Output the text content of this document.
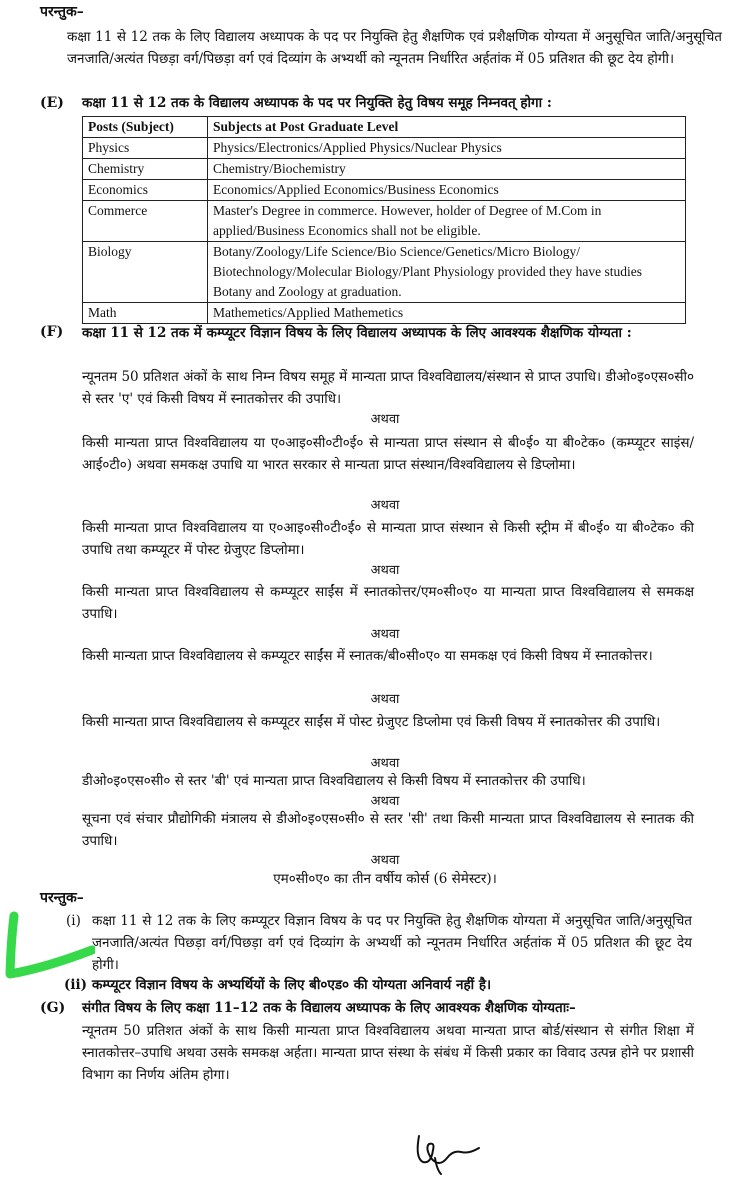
परन्तुक–
कक्षा 11 से 12 तक के लिए विद्यालय अध्यापक के पद पर नियुक्ति हेतु शैक्षणिक एवं प्रशैक्षणिक योग्यता में अनुसूचित जाति/अनुसूचित जनजाति/अत्यंत पिछड़ा वर्ग/पिछड़ा वर्ग एवं दिव्यांग के अभ्यर्थी को न्यूनतम निर्धारित अर्हतांक में 05 प्रतिशत की छूट देय होगी।
(E) कक्षा 11 से 12 तक के विद्यालय अध्यापक के पद पर नियुक्ति हेतु विषय समूह निम्नवत् होगा :
Posts (Subject)	Subjects at Post Graduate Level
Physics	Physics/Electronics/Applied Physics/Nuclear Physics
Chemistry	Chemistry/Biochemistry
Economics	Economics/Applied Economics/Business Economics
Commerce	Master's Degree in commerce. However, holder of Degree of M.Com in applied/Business Economics shall not be eligible.
Biology	Botany/Zoology/Life Science/Bio Science/Genetics/Micro Biology/ Biotechnology/Molecular Biology/Plant Physiology provided they have studies Botany and Zoology at graduation.
Math	Mathemetics/Applied Mathemetics
(F) कक्षा 11 से 12 तक में कम्प्यूटर विज्ञान विषय के लिए विद्यालय अध्यापक के लिए आवश्यक शैक्षणिक योग्यता :
न्यूनतम 50 प्रतिशत अंकों के साथ निम्न विषय समूह में मान्यता प्राप्त विश्वविद्यालय/संस्थान से प्राप्त उपाधि। डीओ०इ०एस०सी० से स्तर 'ए' एवं किसी विषय में स्नातकोत्तर की उपाधि।
अथवा
किसी मान्यता प्राप्त विश्वविद्यालय या ए०आइ०सी०टी०ई० से मान्यता प्राप्त संस्थान से बी०ई० या बी०टेक० (कम्प्यूटर साइंस/आई०टी०) अथवा समकक्ष उपाधि या भारत सरकार से मान्यता प्राप्त संस्थान/विश्वविद्यालय से डिप्लोमा।
अथवा
किसी मान्यता प्राप्त विश्वविद्यालय या ए०आइ०सी०टी०ई० से मान्यता प्राप्त संस्थान से किसी स्ट्रीम में बी०ई० या बी०टेक० की उपाधि तथा कम्प्यूटर में पोस्ट ग्रेजुएट डिप्लोमा।
अथवा
किसी मान्यता प्राप्त विश्वविद्यालय से कम्प्यूटर साईंस में स्नातकोत्तर/एम०सी०ए० या मान्यता प्राप्त विश्वविद्यालय से समकक्ष उपाधि।
अथवा
किसी मान्यता प्राप्त विश्वविद्यालय से कम्प्यूटर साईंस में स्नातक/बी०सी०ए० या समकक्ष एवं किसी विषय में स्नातकोत्तर।
अथवा
किसी मान्यता प्राप्त विश्वविद्यालय से कम्प्यूटर साईंस में पोस्ट ग्रेजुएट डिप्लोमा एवं किसी विषय में स्नातकोत्तर की उपाधि।
अथवा
डीओ०इ०एस०सी० से स्तर 'बी' एवं मान्यता प्राप्त विश्वविद्यालय से किसी विषय में स्नातकोत्तर की उपाधि।
अथवा
सूचना एवं संचार प्रौद्योगिकी मंत्रालय से डीओ०इ०एस०सी० से स्तर 'सी' तथा किसी मान्यता प्राप्त विश्वविद्यालय से स्नातक की उपाधि।
अथवा
एम०सी०ए० का तीन वर्षीय कोर्स (6 सेमेस्टर)।
परन्तुक–
(i) कक्षा 11 से 12 तक के लिए कम्प्यूटर विज्ञान विषय के पद पर नियुक्ति हेतु शैक्षणिक योग्यता में अनुसूचित जाति/अनुसूचित जनजाति/अत्यंत पिछड़ा वर्ग/पिछड़ा वर्ग एवं दिव्यांग के अभ्यर्थी को न्यूनतम निर्धारित अर्हतांक में 05 प्रतिशत की छूट देय होगी।
(ii) कम्प्यूटर विज्ञान विषय के अभ्यर्थियों के लिए बी०एड० की योग्यता अनिवार्य नहीं है।
(G) संगीत विषय के लिए कक्षा 11–12 तक के विद्यालय अध्यापक के लिए आवश्यक शैक्षणिक योग्यताः–
न्यूनतम 50 प्रतिशत अंकों के साथ किसी मान्यता प्राप्त विश्वविद्यालय अथवा मान्यता प्राप्त बोर्ड/संस्थान से संगीत शिक्षा में स्नातकोत्तर–उपाधि अथवा उसके समकक्ष अर्हता। मान्यता प्राप्त संस्था के संबंध में किसी प्रकार का विवाद उत्पन्न होने पर प्रशासी विभाग का निर्णय अंतिम होगा।
